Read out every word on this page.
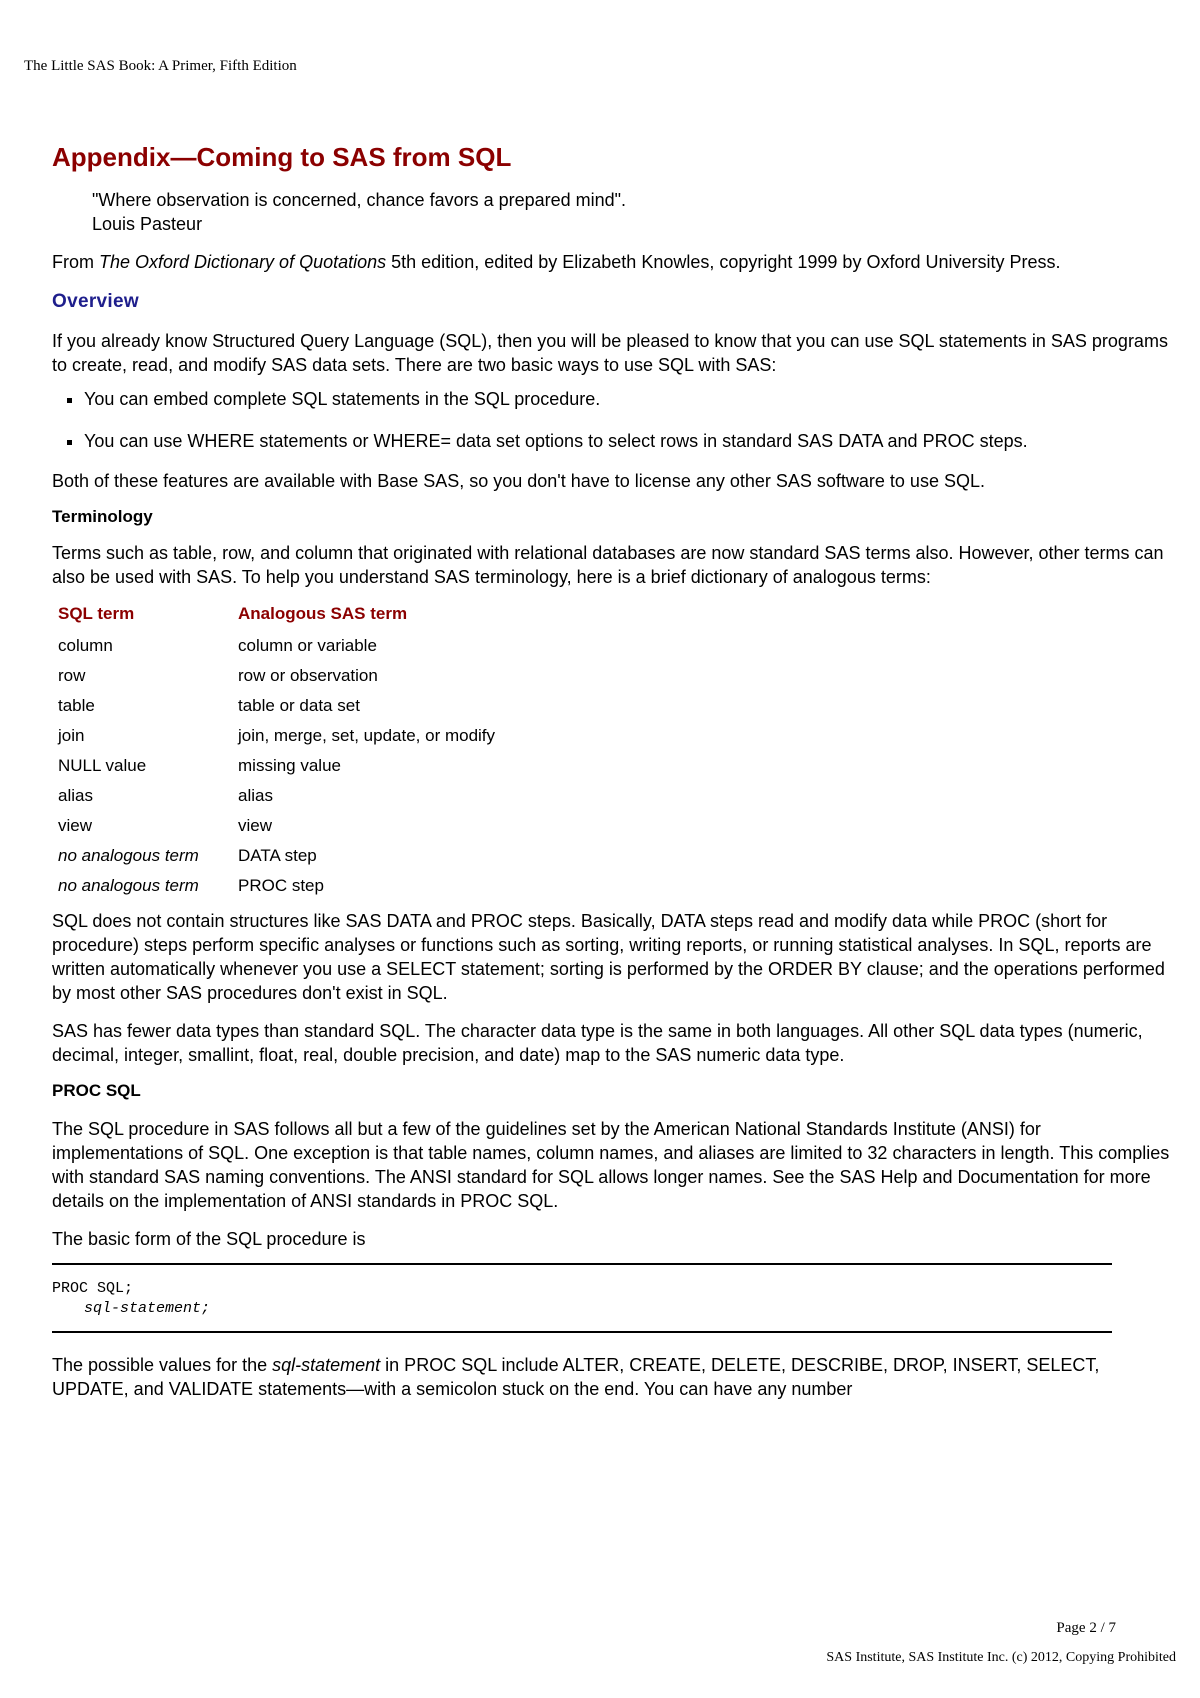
The Little SAS Book: A Primer, Fifth Edition
Appendix—Coming to SAS from SQL

"Where observation is concerned, chance favors a prepared mind".

Louis Pasteur

From The Oxford Dictionary of Quotations 5th edition, edited by Elizabeth Knowles, copyright 1999 by Oxford University Press.

Overview

If you already know Structured Query Language (SQL), then you will be pleased to know that you can use SQL statements in SAS programs to create, read, and modify SAS data sets. There are two basic ways to use SQL with SAS:

▪ You can embed complete SQL statements in the SQL procedure.
▪ You can use WHERE statements or WHERE= data set options to select rows in standard SAS DATA and PROC steps.

Both of these features are available with Base SAS, so you don't have to license any other SAS software to use SQL.

Terminology

Terms such as table, row, and column that originated with relational databases are now standard SAS terms also. However, other terms can also be used with SAS. To help you understand SAS terminology, here is a brief dictionary of analogous terms:

SQL term	Analogous SAS term
column	column or variable
row	row or observation
table	table or data set
join	join, merge, set, update, or modify
NULL value	missing value
alias	alias
view	view
no analogous term	DATA step
no analogous term	PROC step

SQL does not contain structures like SAS DATA and PROC steps. Basically, DATA steps read and modify data while PROC (short for procedure) steps perform specific analyses or functions such as sorting, writing reports, or running statistical analyses. In SQL, reports are written automatically whenever you use a SELECT statement; sorting is performed by the ORDER BY clause; and the operations performed by most other SAS procedures don't exist in SQL.

SAS has fewer data types than standard SQL. The character data type is the same in both languages. All other SQL data types (numeric, decimal, integer, smallint, float, real, double precision, and date) map to the SAS numeric data type.

PROC SQL

The SQL procedure in SAS follows all but a few of the guidelines set by the American National Standards Institute (ANSI) for implementations of SQL. One exception is that table names, column names, and aliases are limited to 32 characters in length. This complies with standard SAS naming conventions. The ANSI standard for SQL allows longer names. See the SAS Help and Documentation for more details on the implementation of ANSI standards in PROC SQL.

The basic form of the SQL procedure is

PROC SQL;
sql-statement;

The possible values for the sql-statement in PROC SQL include ALTER, CREATE, DELETE, DESCRIBE, DROP, INSERT, SELECT, UPDATE, and VALIDATE statements—with a semicolon stuck on the end. You can have any number

Page 2 / 7
SAS Institute, SAS Institute Inc. (c) 2012, Copying Prohibited
